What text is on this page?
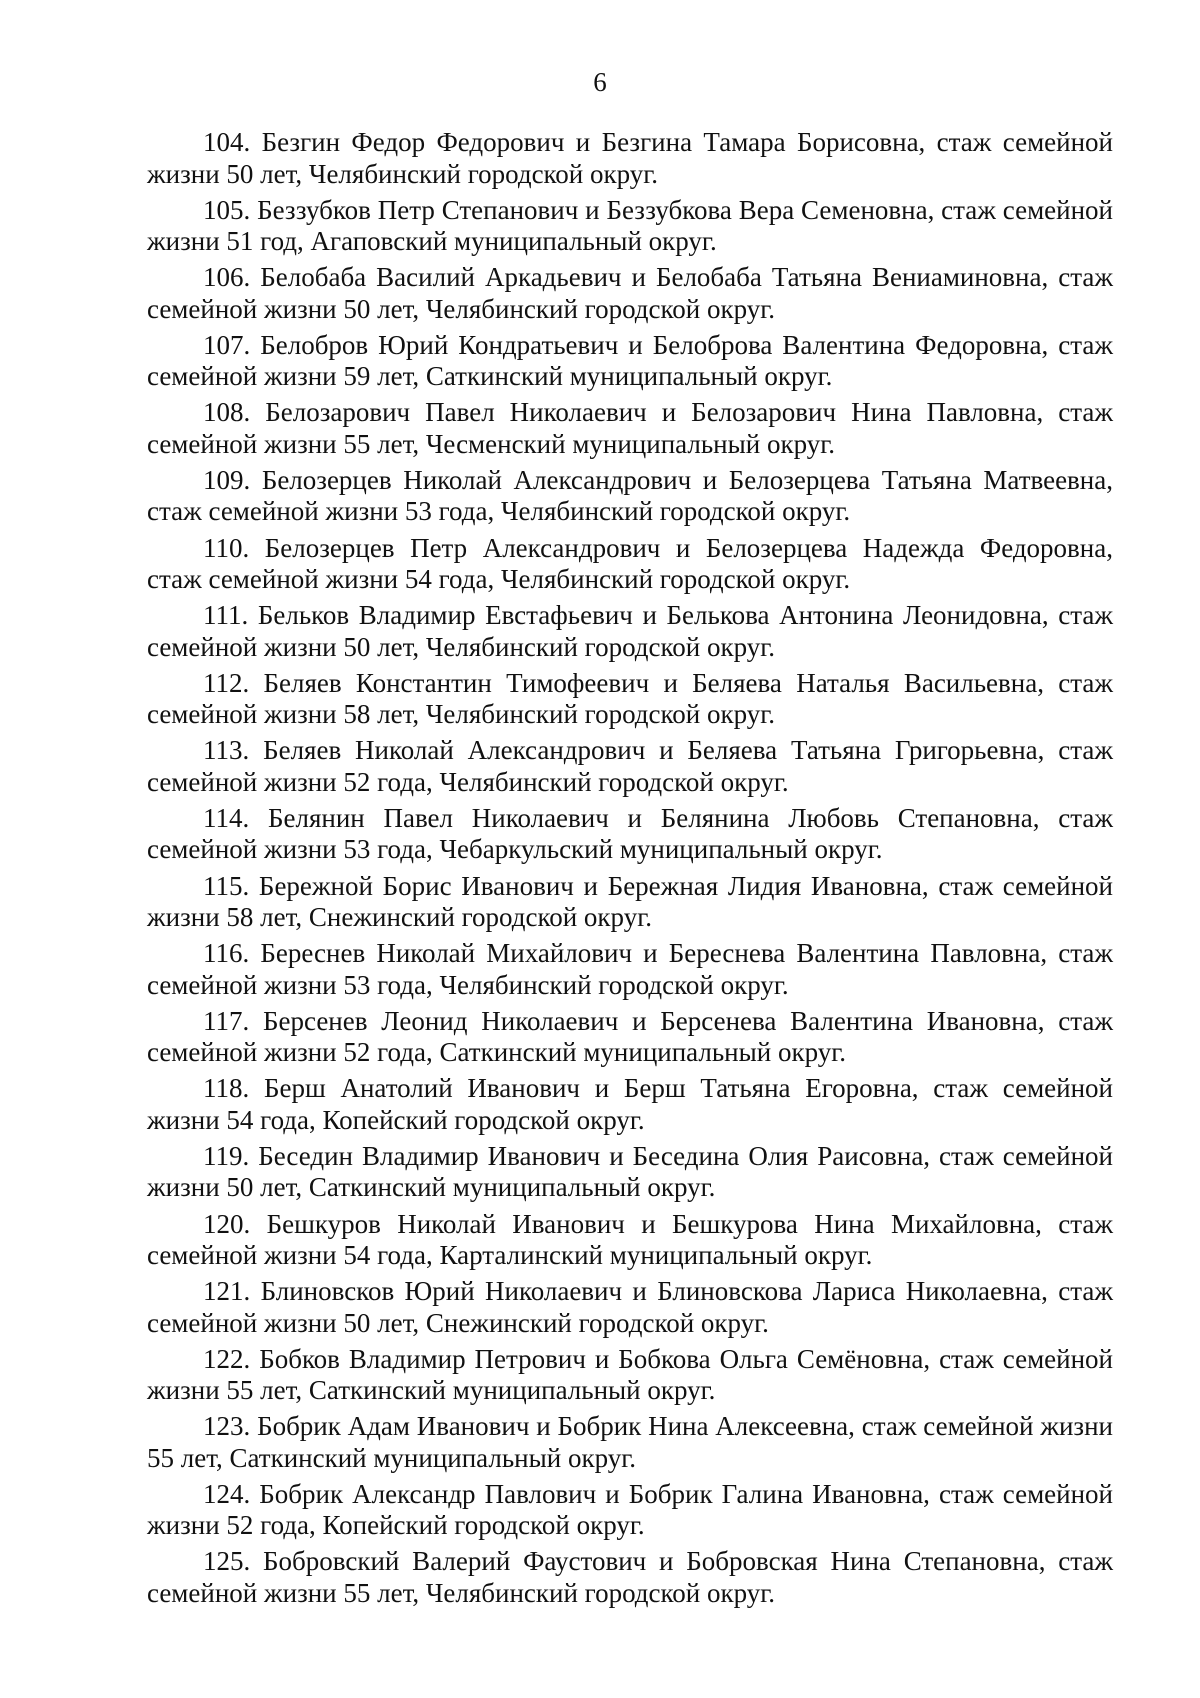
6
104. Безгин Федор Федорович и Безгина Тамара Борисовна, стаж семейной жизни 50 лет, Челябинский городской округ.
105. Беззубков Петр Степанович и Беззубкова Вера Семеновна, стаж семейной жизни 51 год, Агаповский муниципальный округ.
106. Белобаба Василий Аркадьевич и Белобаба Татьяна Вениаминовна, стаж семейной жизни 50 лет, Челябинский городской округ.
107. Белобров Юрий Кондратьевич и Белоброва Валентина Федоровна, стаж семейной жизни 59 лет, Саткинский муниципальный округ.
108. Белозарович Павел Николаевич и Белозарович Нина Павловна, стаж семейной жизни 55 лет, Чесменский муниципальный округ.
109. Белозерцев Николай Александрович и Белозерцева Татьяна Матвеевна, стаж семейной жизни 53 года, Челябинский городской округ.
110. Белозерцев Петр Александрович и Белозерцева Надежда Федоровна, стаж семейной жизни 54 года, Челябинский городской округ.
111. Бельков Владимир Евстафьевич и Белькова Антонина Леонидовна, стаж семейной жизни 50 лет, Челябинский городской округ.
112. Беляев Константин Тимофеевич и Беляева Наталья Васильевна, стаж семейной жизни 58 лет, Челябинский городской округ.
113. Беляев Николай Александрович и Беляева Татьяна Григорьевна, стаж семейной жизни 52 года, Челябинский городской округ.
114. Белянин Павел Николаевич и Белянина Любовь Степановна, стаж семейной жизни 53 года, Чебаркульский муниципальный округ.
115. Бережной Борис Иванович и Бережная Лидия Ивановна, стаж семейной жизни 58 лет, Снежинский городской округ.
116. Береснев Николай Михайлович и Береснева Валентина Павловна, стаж семейной жизни 53 года, Челябинский городской округ.
117. Берсенев Леонид Николаевич и Берсенева Валентина Ивановна, стаж семейной жизни 52 года, Саткинский муниципальный округ.
118. Берш Анатолий Иванович и Берш Татьяна Егоровна, стаж семейной жизни 54 года, Копейский городской округ.
119. Беседин Владимир Иванович и Беседина Олия Раисовна, стаж семейной жизни 50 лет, Саткинский муниципальный округ.
120. Бешкуров Николай Иванович и Бешкурова Нина Михайловна, стаж семейной жизни 54 года, Карталинский муниципальный округ.
121. Блиновсков Юрий Николаевич и Блиновскова Лариса Николаевна, стаж семейной жизни 50 лет, Снежинский городской округ.
122. Бобков Владимир Петрович и Бобкова Ольга Семёновна, стаж семейной жизни 55 лет, Саткинский муниципальный округ.
123. Бобрик Адам Иванович и Бобрик Нина Алексеевна, стаж семейной жизни 55 лет, Саткинский муниципальный округ.
124. Бобрик Александр Павлович и Бобрик Галина Ивановна, стаж семейной жизни 52 года, Копейский городской округ.
125. Бобровский Валерий Фаустович и Бобровская Нина Степановна, стаж семейной жизни 55 лет, Челябинский городской округ.
